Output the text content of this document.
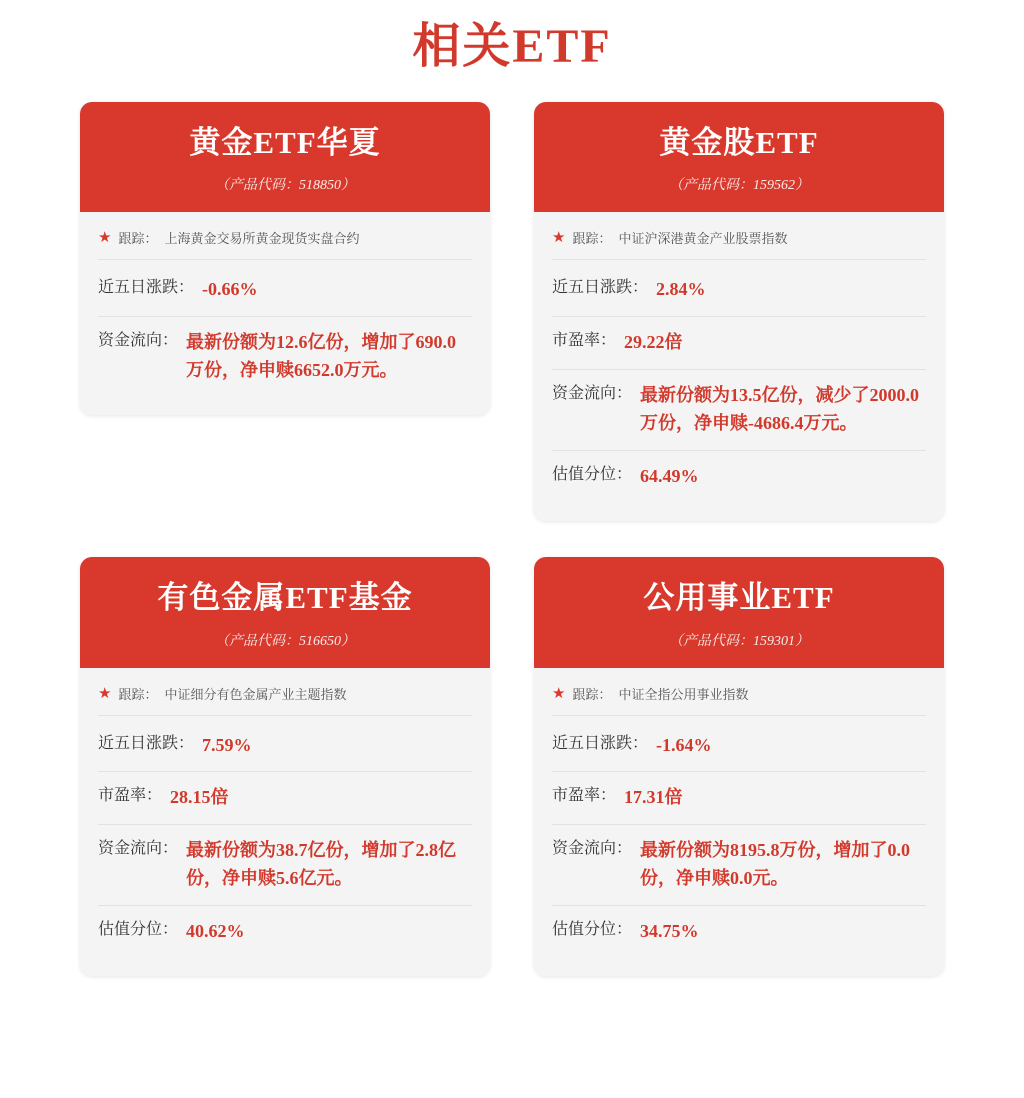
相关ETF
黄金ETF华夏
（产品代码：518850）
★ 跟踪： 上海黄金交易所黄金现货实盘合约
近五日涨跌： -0.66%
资金流向： 最新份额为12.6亿份，增加了690.0万份，净申赎6652.0万元。
黄金股ETF
（产品代码：159562）
★ 跟踪： 中证沪深港黄金产业股票指数
近五日涨跌： 2.84%
市盈率： 29.22倍
资金流向： 最新份额为13.5亿份，减少了2000.0万份，净申赎-4686.4万元。
估值分位： 64.49%
有色金属ETF基金
（产品代码：516650）
★ 跟踪： 中证细分有色金属产业主题指数
近五日涨跌： 7.59%
市盈率： 28.15倍
资金流向： 最新份额为38.7亿份，增加了2.8亿份，净申赎5.6亿元。
估值分位： 40.62%
公用事业ETF
（产品代码：159301）
★ 跟踪： 中证全指公用事业指数
近五日涨跌： -1.64%
市盈率： 17.31倍
资金流向： 最新份额为8195.8万份，增加了0.0份，净申赎0.0元。
估值分位： 34.75%
